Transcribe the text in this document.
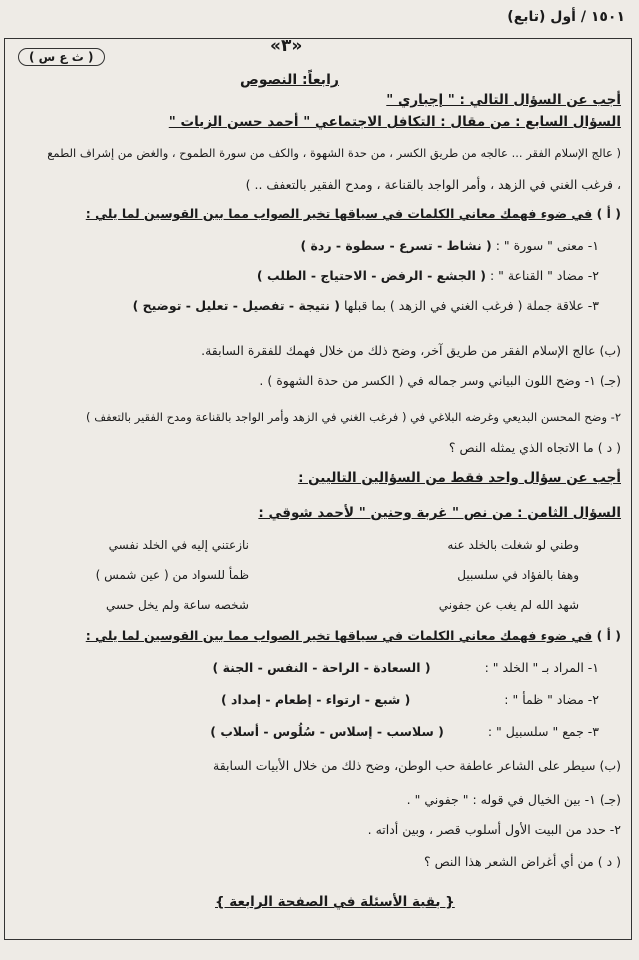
١٥٠١ / أول (تابع)
«٣»
( ث ع س )
رابعاً: النصوص
أجب عن السؤال التالي : " إجباري "
السؤال السابع : من مقال : التكافل الاجتماعي " أحمد حسن الزيات "
( عالج الإسلام الفقر ... عالجه من طريق الكسر ، من حدة الشهوة ، والكف من سورة الطموح ، والغض من إشراف الطمع
، فرغب الغني في الزهد ، وأمر الواجد بالقناعة ، ومدح الفقير بالتعفف .. )
( أ ) في ضوء فهمك معاني الكلمات في سياقها تخير الصواب مما بين القوسين لما يلي :
١- معنى " سورة " : ( نشاط - تسرع - سطوة - ردة )
٢- مضاد " القناعة " : ( الجشع - الرفض - الاحتياج - الطلب )
٣- علاقة جملة ( فرغب الغني في الزهد ) بما قبلها ( نتيجة - تفصيل - تعليل - توضيح )
(ب) عالج الإسلام الفقر من طريق آخر، وضح ذلك من خلال فهمك للفقرة السابقة.
(جـ) ١- وضح اللون البياني وسر جماله في ( الكسر من حدة الشهوة ) .
٢- وضح المحسن البديعي وغرضه البلاغي في ( فرغب الغني في الزهد وأمر الواجد بالقناعة ومدح الفقير بالتعفف )
( د ) ما الاتجاه الذي يمثله النص ؟
أجب عن سؤال واحد فقط من السؤالين التاليين :
السؤال الثامن : من نص " غربة وحنين " لأحمد شوقي :
وطني لو شغلت بالخلد عنه
نازعتني إليه في الخلد نفسي
وهفا بالفؤاد في سلسبيل
ظمأ للسواد من ( عين شمس )
شهد الله لم يغب عن جفوني
شخصه ساعة ولم يخل حسي
( أ ) في ضوء فهمك معاني الكلمات في سياقها تخير الصواب مما بين القوسين لما يلي :
١- المراد بـ " الخلد " : ( السعادة - الراحة - النفس - الجنة )
٢- مضاد " ظمأ " : ( شبع - ارتواء - إطعام - إمداد )
٣- جمع " سلسبيل " : ( سلاسب - إسلاس - سُلُوس - أسلاب )
(ب) سيطر على الشاعر عاطفة حب الوطن، وضح ذلك من خلال الأبيات السابقة
(جـ) ١- بين الخيال في قوله : " جفوني " .
٢- حدد من البيت الأول أسلوب قصر ، وبين أداته .
( د ) من أي أغراض الشعر هذا النص ؟
{ بقية الأسئلة في الصفحة الرابعة }
